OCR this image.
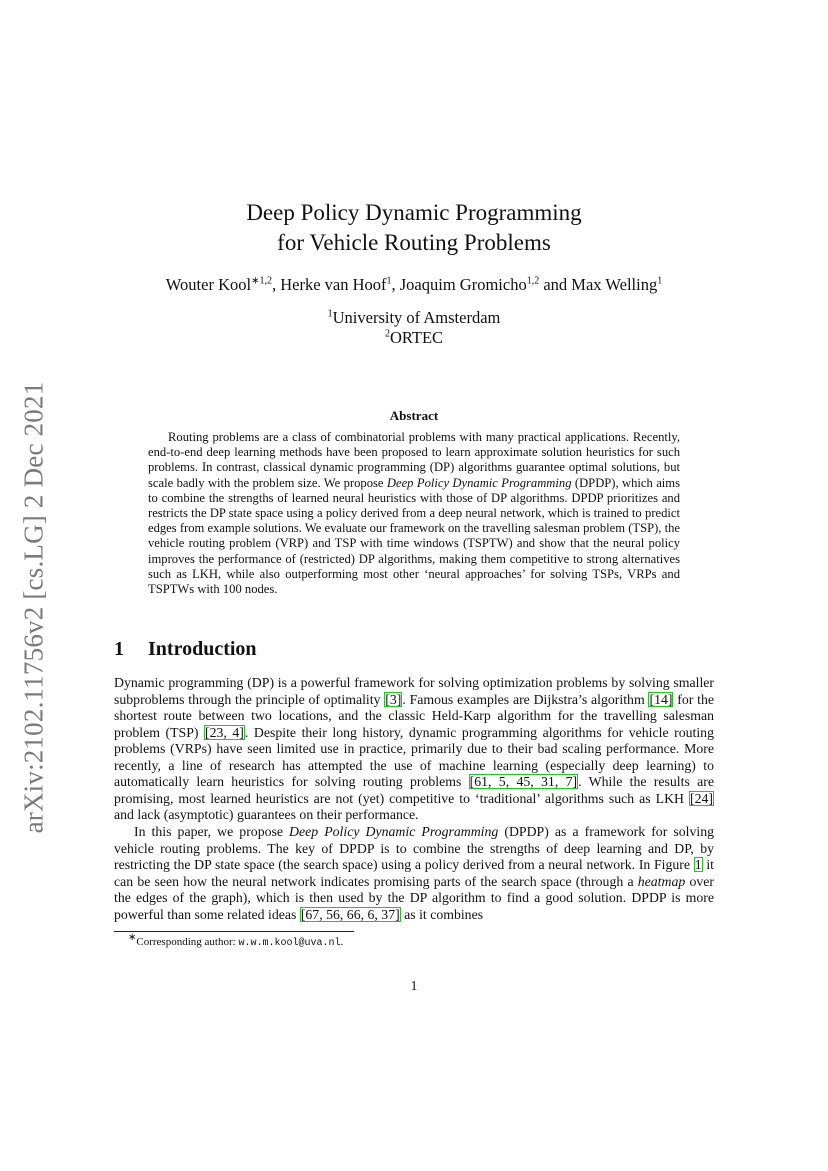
arXiv:2102.11756v2 [cs.LG] 2 Dec 2021
Deep Policy Dynamic Programming
for Vehicle Routing Problems
Wouter Kool$^{∗1,2}$, Herke van Hoof$^1$, Joaquim Gromicho$^{1,2}$ and Max Welling$^1$
$^1$University of Amsterdam
$^2$ORTEC
Abstract

Routing problems are a class of combinatorial problems with many practical applications. Recently, end-to-end deep learning methods have been proposed to learn approximate solution heuristics for such problems. In contrast, classical dynamic programming (DP) algorithms guarantee optimal solutions, but scale badly with the problem size. We propose Deep Policy Dynamic Programming (DPDP), which aims to combine the strengths of learned neural heuristics with those of DP algorithms. DPDP prioritizes and restricts the DP state space using a policy derived from a deep neural network, which is trained to predict edges from example solutions. We evaluate our framework on the travelling salesman problem (TSP), the vehicle routing problem (VRP) and TSP with time windows (TSPTW) and show that the neural policy improves the performance of (restricted) DP algorithms, making them competitive to strong alternatives such as LKH, while also outperforming most other ‘neural approaches’ for solving TSPs, VRPs and TSPTWs with 100 nodes.

1 Introduction

Dynamic programming (DP) is a powerful framework for solving optimization problems by solving smaller subproblems through the principle of optimality [3]. Famous examples are Dijkstra’s algorithm [14] for the shortest route between two locations, and the classic Held-Karp algorithm for the travelling salesman problem (TSP) [23, 4]. Despite their long history, dynamic programming algorithms for vehicle routing problems (VRPs) have seen limited use in practice, primarily due to their bad scaling performance. More recently, a line of research has attempted the use of machine learning (especially deep learning) to automatically learn heuristics for solving routing problems [61, 5, 45, 31, 7]. While the results are promising, most learned heuristics are not (yet) competitive to ‘traditional’ algorithms such as LKH [24] and lack (asymptotic) guarantees on their performance.

In this paper, we propose Deep Policy Dynamic Programming (DPDP) as a framework for solving vehicle routing problems. The key of DPDP is to combine the strengths of deep learning and DP, by restricting the DP state space (the search space) using a policy derived from a neural network. In Figure 1 it can be seen how the neural network indicates promising parts of the search space (through a heatmap over the edges of the graph), which is then used by the DP algorithm to find a good solution. DPDP is more powerful than some related ideas [67, 56, 66, 6, 37] as it combines

∗Corresponding author: w.w.m.kool@uva.nl.
1
